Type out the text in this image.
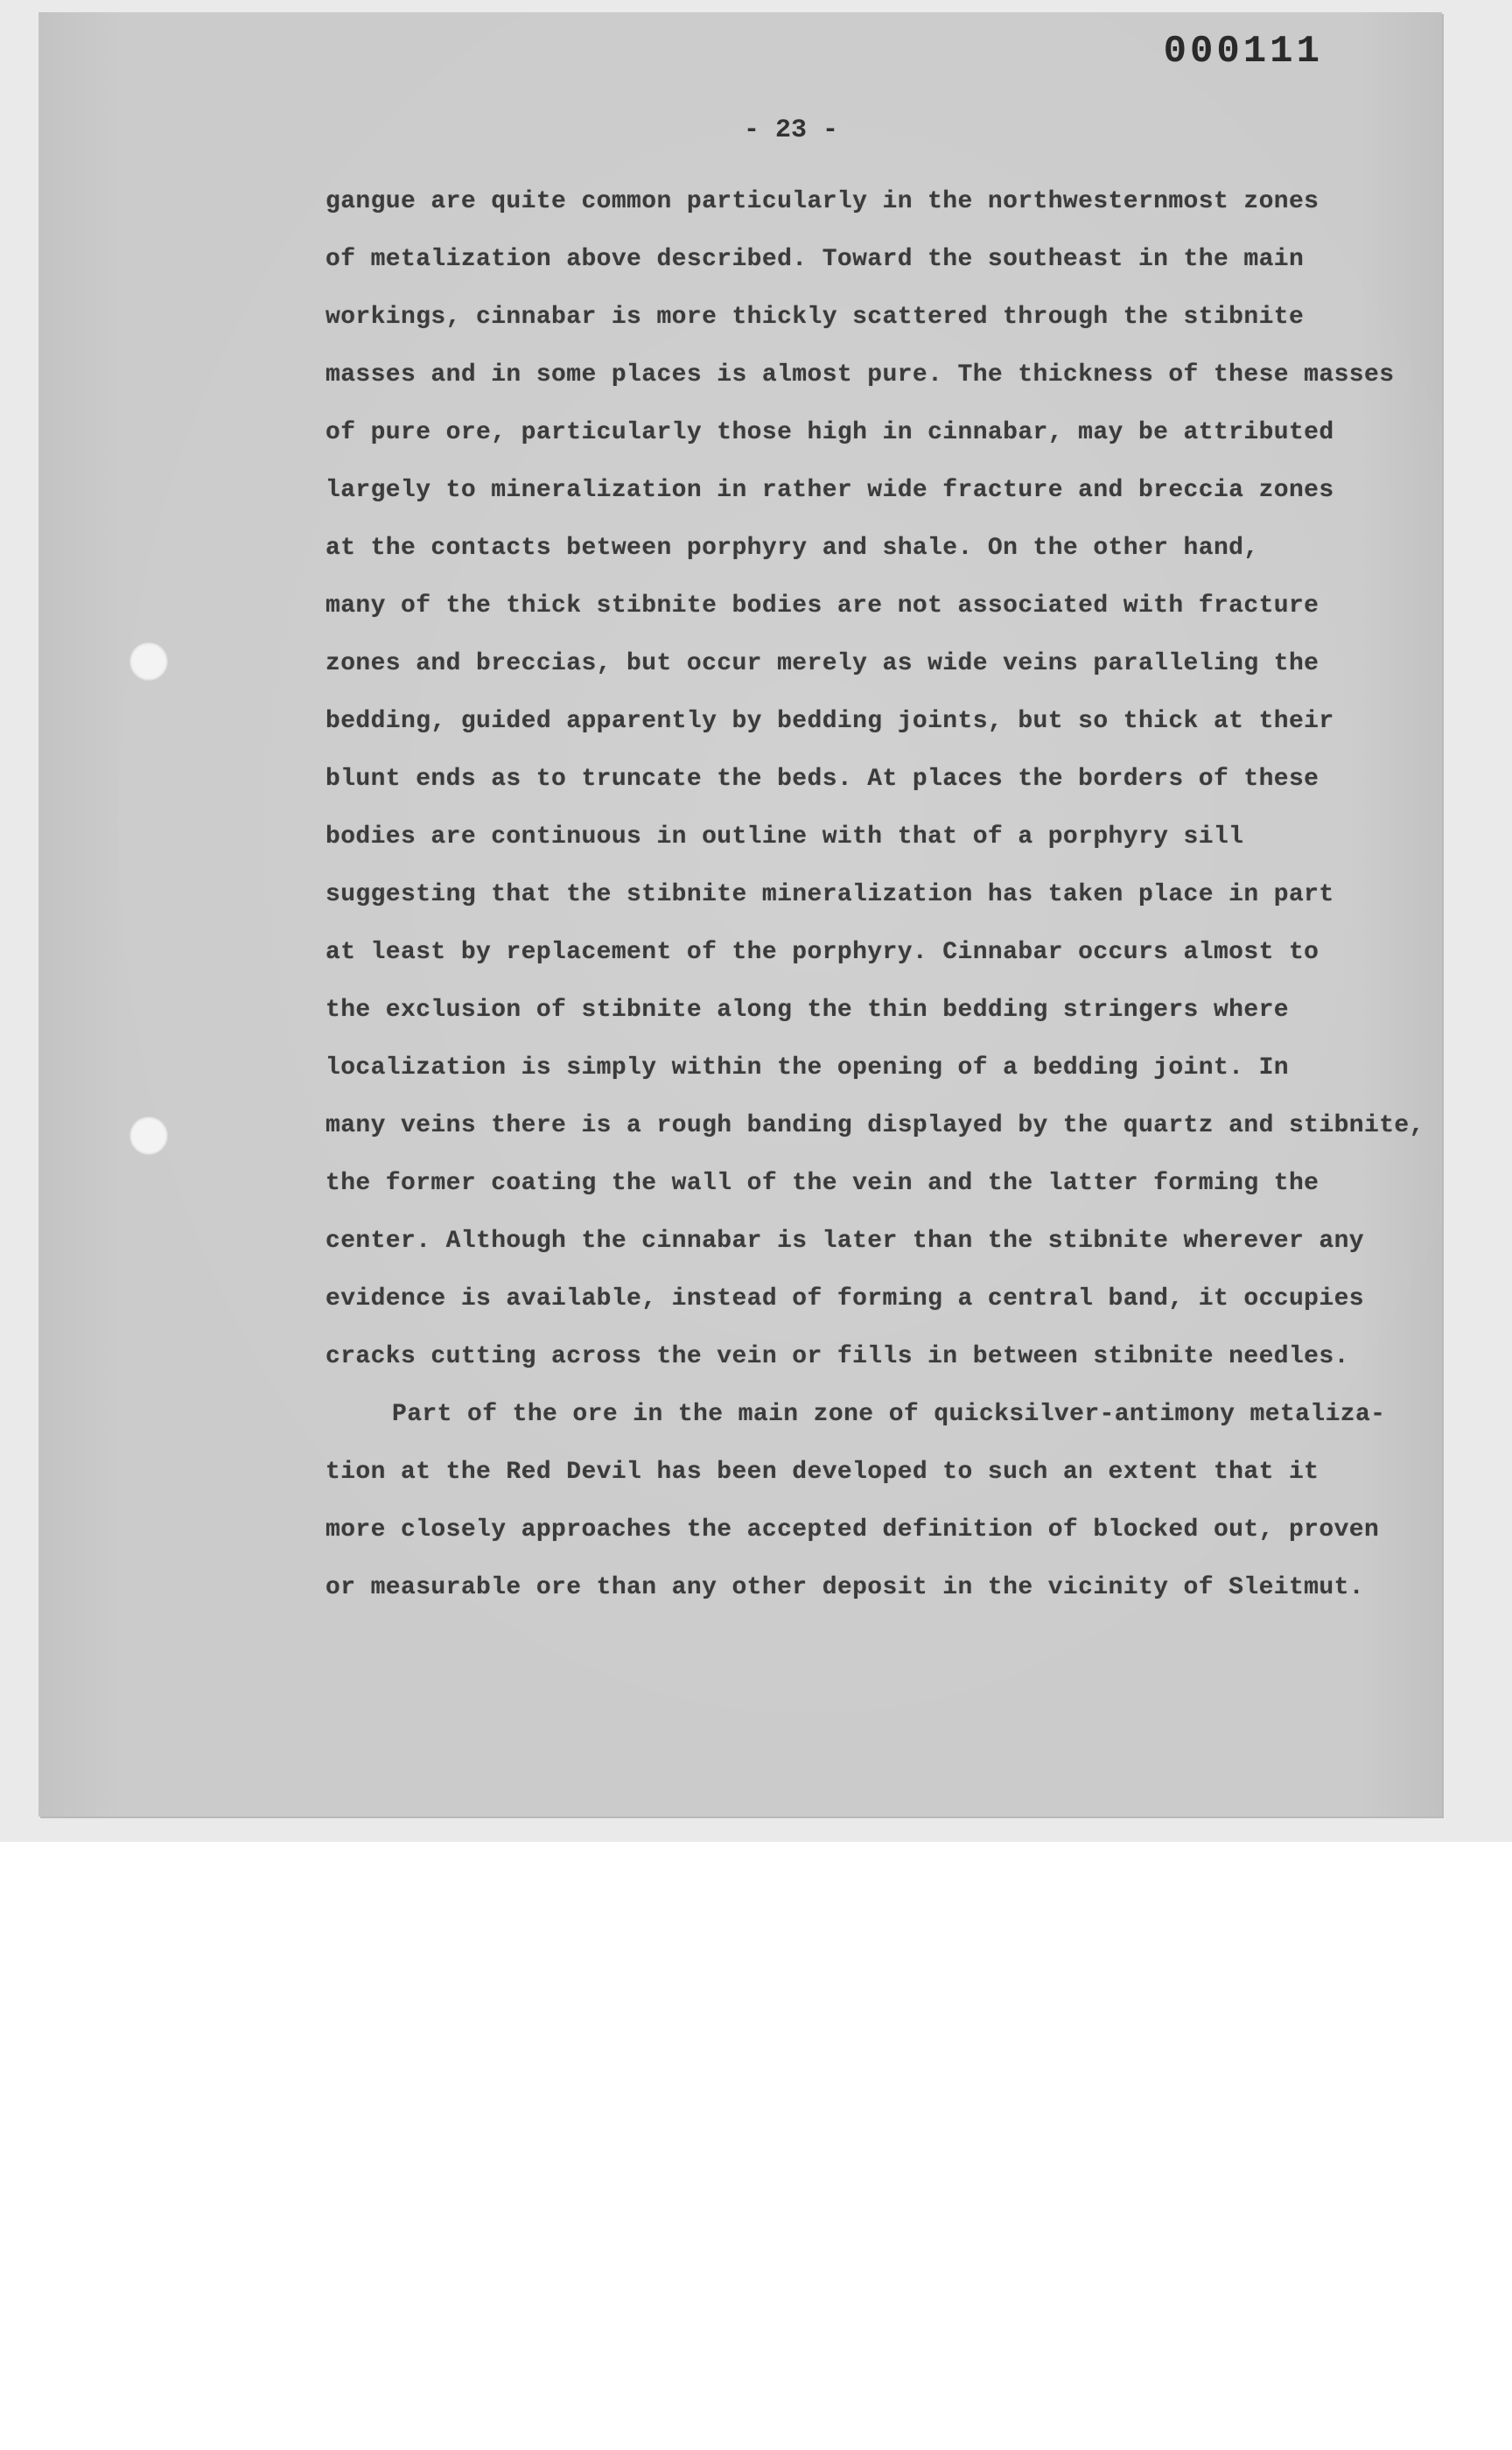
000111
- 23 -
gangue are quite common particularly in the northwesternmost zones
of metalization above described. Toward the southeast in the main
workings, cinnabar is more thickly scattered through the stibnite
masses and in some places is almost pure. The thickness of these masses
of pure ore, particularly those high in cinnabar, may be attributed
largely to mineralization in rather wide fracture and breccia zones
at the contacts between porphyry and shale. On the other hand,
many of the thick stibnite bodies are not associated with fracture
zones and breccias, but occur merely as wide veins paralleling the
bedding, guided apparently by bedding joints, but so thick at their
blunt ends as to truncate the beds. At places the borders of these
bodies are continuous in outline with that of a porphyry sill
suggesting that the stibnite mineralization has taken place in part
at least by replacement of the porphyry. Cinnabar occurs almost to
the exclusion of stibnite along the thin bedding stringers where
localization is simply within the opening of a bedding joint. In
many veins there is a rough banding displayed by the quartz and stibnite,
the former coating the wall of the vein and the latter forming the
center. Although the cinnabar is later than the stibnite wherever any
evidence is available, instead of forming a central band, it occupies
cracks cutting across the vein or fills in between stibnite needles.
Part of the ore in the main zone of quicksilver-antimony metaliza-
tion at the Red Devil has been developed to such an extent that it
more closely approaches the accepted definition of blocked out, proven
or measurable ore than any other deposit in the vicinity of Sleitmut.
